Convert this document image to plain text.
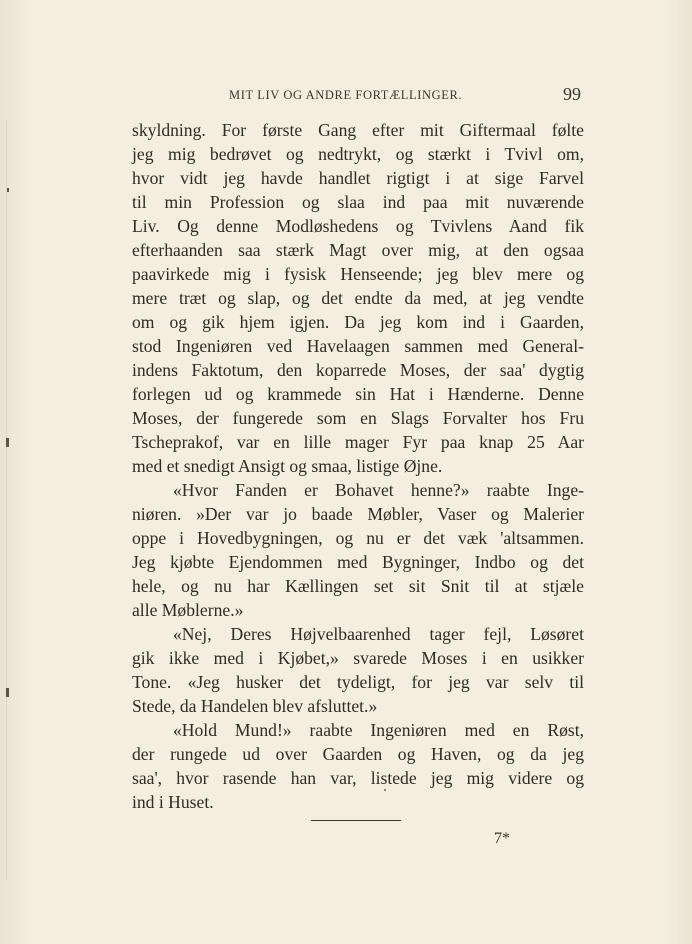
MIT LIV OG ANDRE FORTÆLLINGER.	99
skyldning. For første Gang efter mit Giftermaal følte
jeg mig bedrøvet og nedtrykt, og stærkt i Tvivl om,
hvor vidt jeg havde handlet rigtigt i at sige Farvel
til min Profession og slaa ind paa mit nuværende
Liv. Og denne Modløshedens og Tvivlens Aand fik
efterhaanden saa stærk Magt over mig, at den ogsaa
paavirkede mig i fysisk Henseende; jeg blev mere og
mere træt og slap, og det endte da med, at jeg vendte
om og gik hjem igjen. Da jeg kom ind i Gaarden,
stod Ingeniøren ved Havelaagen sammen med General-
indens Faktotum, den koparrede Moses, der saa' dygtig
forlegen ud og krammede sin Hat i Hænderne. Denne
Moses, der fungerede som en Slags Forvalter hos Fru
Tscheprakof, var en lille mager Fyr paa knap 25 Aar
med et snedigt Ansigt og smaa, listige Øjne.
«Hvor Fanden er Bohavet henne?» raabte Inge-
niøren. »Der var jo baade Møbler, Vaser og Malerier
oppe i Hovedbygningen, og nu er det væk 'altsammen.
Jeg kjøbte Ejendommen med Bygninger, Indbo og det
hele, og nu har Kællingen set sit Snit til at stjæle
alle Møblerne.»
«Nej, Deres Højvelbaarenhed tager fejl, Løsøret
gik ikke med i Kjøbet,» svarede Moses i en usikker
Tone. «Jeg husker det tydeligt, for jeg var selv til
Stede, da Handelen blev afsluttet.»
«Hold Mund!» raabte Ingeniøren med en Røst,
der rungede ud over Gaarden og Haven, og da jeg
saa', hvor rasende han var, listede jeg mig videre og
ind i Huset.
7*
